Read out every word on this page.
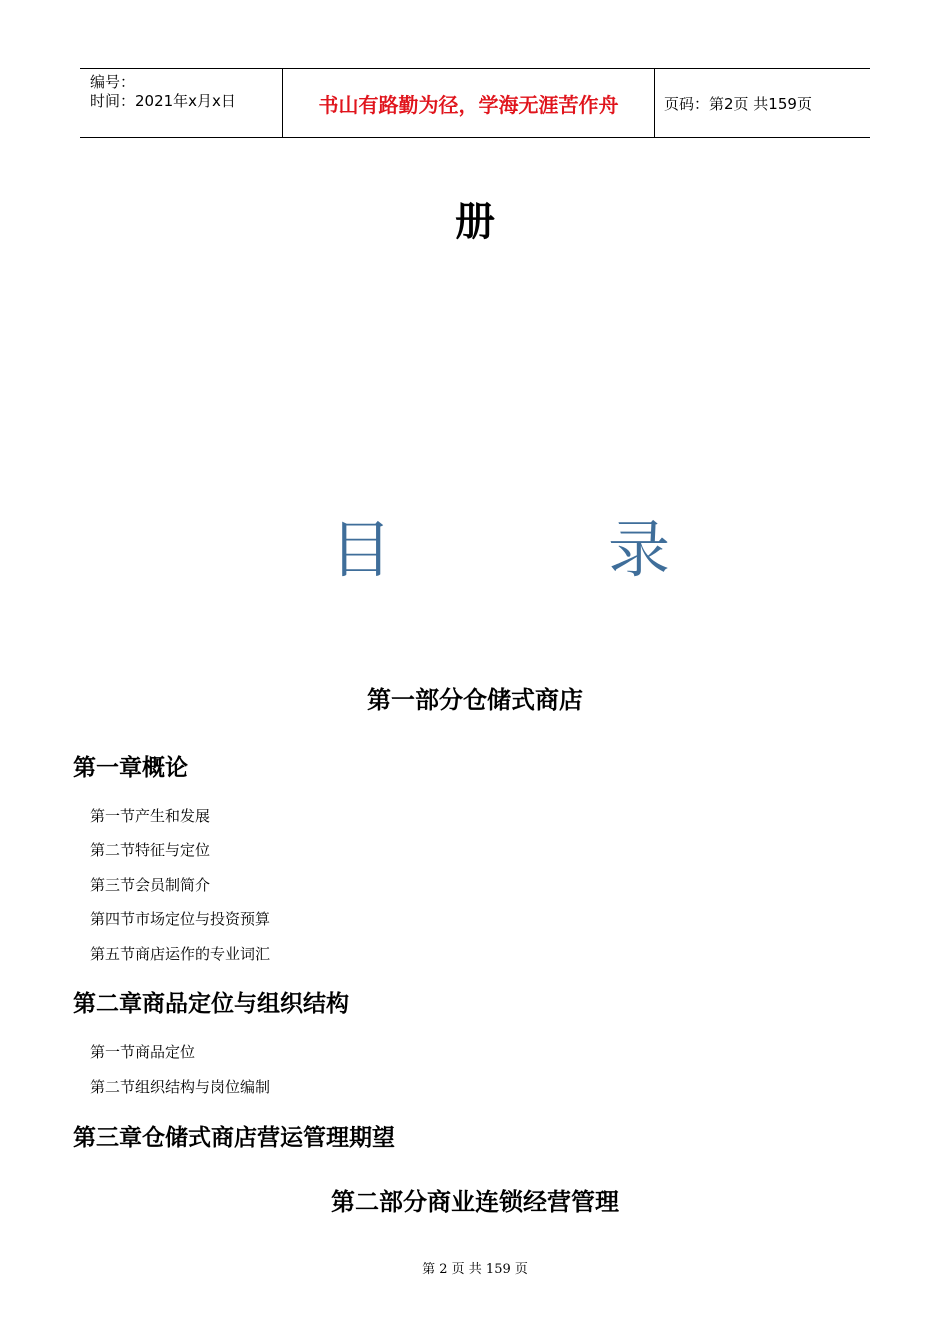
编号：
时间：2021年x月x日	书山有路勤为径，学海无涯苦作舟	页码：第2页 共159页
册
目	录
第一部分仓储式商店
第一章概论
第一节产生和发展
第二节特征与定位
第三节会员制简介
第四节市场定位与投资预算
第五节商店运作的专业词汇
第二章商品定位与组织结构
第一节商品定位
第二节组织结构与岗位编制
第三章仓储式商店营运管理期望
第二部分商业连锁经营管理
第 2 页 共 159 页
